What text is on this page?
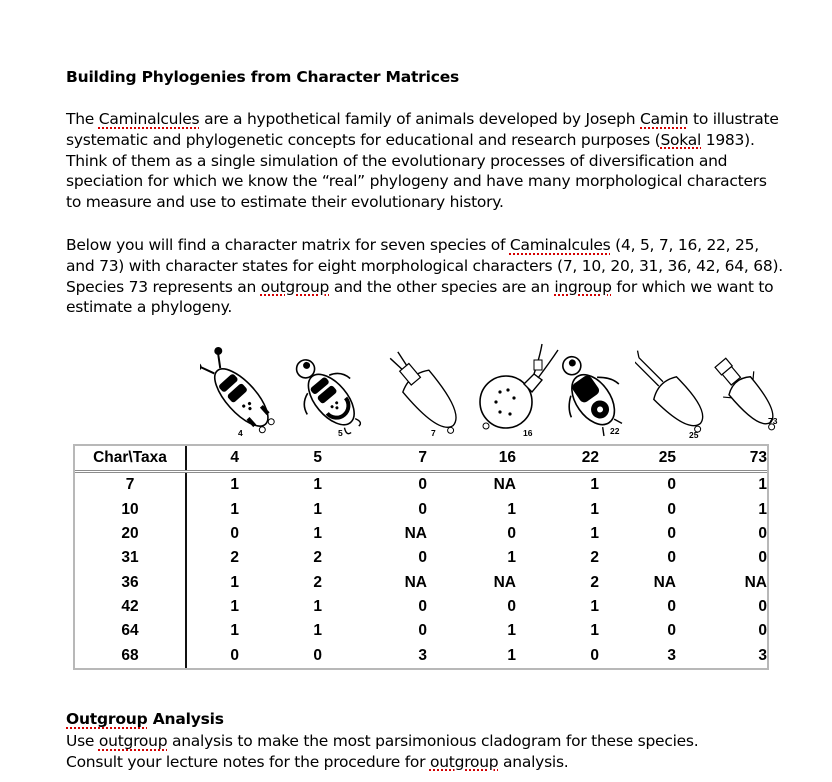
Building Phylogenies from Character Matrices

The Caminalcules are a hypothetical family of animals developed by Joseph Camin to illustrate systematic and phylogenetic concepts for educational and research purposes (Sokal 1983). Think of them as a single simulation of the evolutionary processes of diversification and speciation for which we know the “real” phylogeny and have many morphological characters to measure and use to estimate their evolutionary history.

Below you will find a character matrix for seven species of Caminalcules (4, 5, 7, 16, 22, 25, and 73) with character states for eight morphological characters (7, 10, 20, 31, 36, 42, 64, 68). Species 73 represents an outgroup and the other species are an ingroup for which we want to estimate a phylogeny.

4	5	7	16	22	25
73
Char\Taxa	4	5	7	16	22	25	73
7	1	1	0	NA	1	0	1
10	1	1	0	1	1	0	1
20	0	1	NA	0	1	0	0
31	2	2	0	1	2	0	0
36	1	2	NA	NA	2	NA	NA
42	1	1	0	0	1	0	0
64	1	1	0	1	1	0	0
68	0	0	3	1	0	3	3
Outgroup Analysis

Use outgroup analysis to make the most parsimonious cladogram for these species.
Consult your lecture notes for the procedure for outgroup analysis.
